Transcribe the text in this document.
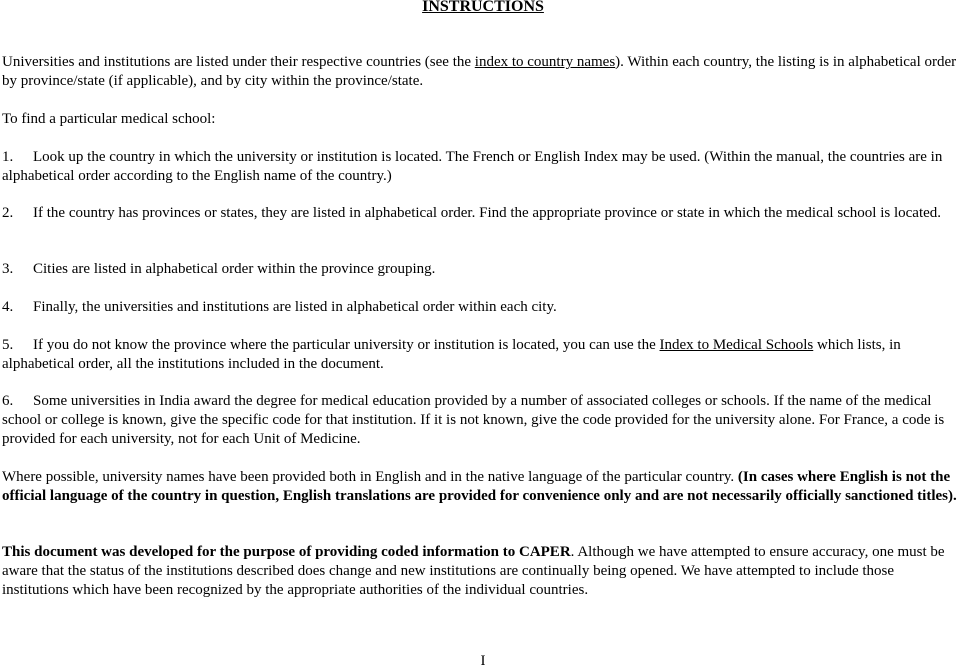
INSTRUCTIONS

Universities and institutions are listed under their respective countries (see the index to country names). Within each country, the listing is in alphabetical order by province/state (if applicable), and by city within the province/state.

To find a particular medical school:

1.	Look up the country in which the university or institution is located. The French or English Index may be used. (Within the manual, the countries are in alphabetical order according to the English name of the country.)
2.	If the country has provinces or states, they are listed in alphabetical order. Find the appropriate province or state in which the medical school is located.
3.	Cities are listed in alphabetical order within the province grouping.
4.	Finally, the universities and institutions are listed in alphabetical order within each city.
5.	If you do not know the province where the particular university or institution is located, you can use the Index to Medical Schools which lists, in alphabetical order, all the institutions included in the document.
6.	Some universities in India award the degree for medical education provided by a number of associated colleges or schools. If the name of the medical school or college is known, give the specific code for that institution. If it is not known, give the code provided for the university alone. For France, a code is provided for each university, not for each Unit of Medicine.

Where possible, university names have been provided both in English and in the native language of the particular country. (In cases where English is not the official language of the country in question, English translations are provided for convenience only and are not necessarily officially sanctioned titles).

This document was developed for the purpose of providing coded information to CAPER. Although we have attempted to ensure accuracy, one must be aware that the status of the institutions described does change and new institutions are continually being opened. We have attempted to include those institutions which have been recognized by the appropriate authorities of the individual countries.

I
